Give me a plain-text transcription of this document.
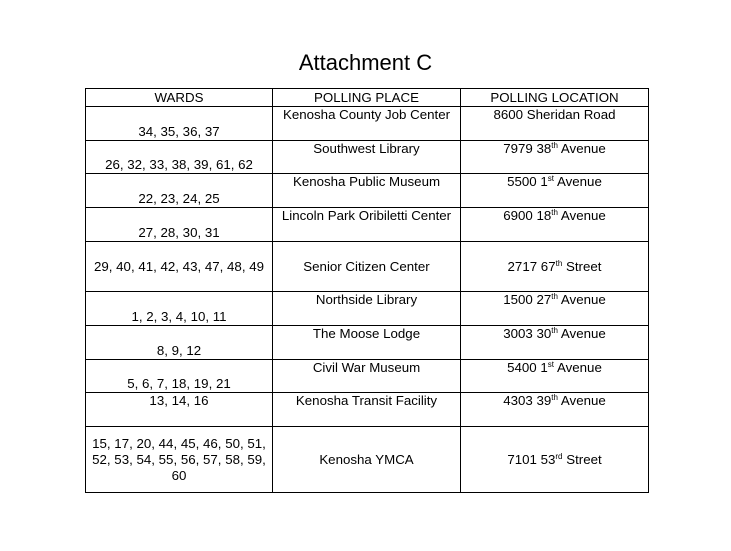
Attachment C
WARDS	POLLING PLACE	POLLING LOCATION
34, 35, 36, 37	Kenosha County Job Center	8600 Sheridan Road
26, 32, 33, 38, 39, 61, 62	Southwest Library	7979 38th Avenue
22, 23, 24, 25	Kenosha Public Museum	5500 1st Avenue
27, 28, 30, 31	Lincoln Park Oribiletti Center	6900 18th Avenue
29, 40, 41, 42, 43, 47, 48, 49	Senior Citizen Center	2717 67th Street
1, 2, 3, 4, 10, 11	Northside Library	1500 27th Avenue
8, 9, 12	The Moose Lodge	3003 30th Avenue
5, 6, 7, 18, 19, 21	Civil War Museum	5400 1st Avenue
13, 14, 16	Kenosha Transit Facility	4303 39th Avenue
15, 17, 20, 44, 45, 46, 50, 51, 52, 53, 54, 55, 56, 57, 58, 59, 60	Kenosha YMCA	7101 53rd Street
